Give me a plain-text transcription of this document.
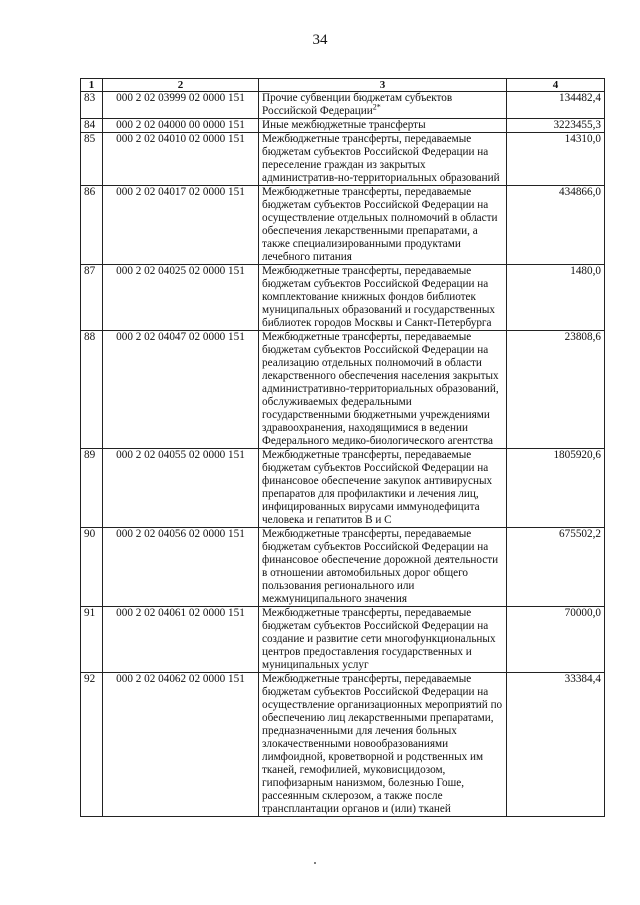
34
1	2	3	4
83	000 2 02 03999 02 0000 151	Прочие субвенции бюджетам субъектов Российской Федерации$^{2*}$	134482,4
84	000 2 02 04000 00 0000 151	Иные межбюджетные трансферты	3223455,3
85	000 2 02 04010 02 0000 151	Межбюджетные трансферты, передаваемые бюджетам субъектов Российской Федерации на переселение граждан из закрытых административ-но-территориальных образований	14310,0
86	000 2 02 04017 02 0000 151	Межбюджетные трансферты, передаваемые бюджетам субъектов Российской Федерации на осуществление отдельных полномочий в области обеспечения лекарственными препаратами, а также специализированными продуктами лечебного питания	434866,0
87	000 2 02 04025 02 0000 151	Межбюджетные трансферты, передаваемые бюджетам субъектов Российской Федерации на комплектование книжных фондов библиотек муниципальных образований и государственных библиотек городов Москвы и Санкт-Петербурга	1480,0
88	000 2 02 04047 02 0000 151	Межбюджетные трансферты, передаваемые бюджетам субъектов Российской Федерации на реализацию отдельных полномочий в области лекарственного обеспечения населения закрытых административно-территориальных образований, обслуживаемых федеральными государственными бюджетными учреждениями здравоохранения, находящимися в ведении Федерального медико-биологического агентства	23808,6
89	000 2 02 04055 02 0000 151	Межбюджетные трансферты, передаваемые бюджетам субъектов Российской Федерации на финансовое обеспечение закупок антивирусных препаратов для профилактики и лечения лиц, инфицированных вирусами иммунодефицита человека и гепатитов В и С	1805920,6
90	000 2 02 04056 02 0000 151	Межбюджетные трансферты, передаваемые бюджетам субъектов Российской Федерации на финансовое обеспечение дорожной деятельности в отношении автомобильных дорог общего пользования регионального или межмуниципального значения	675502,2
91	000 2 02 04061 02 0000 151	Межбюджетные трансферты, передаваемые бюджетам субъектов Российской Федерации на создание и развитие сети многофункциональных центров предоставления государственных и муниципальных услуг	70000,0
92	000 2 02 04062 02 0000 151	Межбюджетные трансферты, передаваемые бюджетам субъектов Российской Федерации на осуществление организационных мероприятий по обеспечению лиц лекарственными препаратами, предназначенными для лечения больных злокачественными новообразованиями лимфоидной, кроветворной и родственных им тканей, гемофилией, муковисцидозом, гипофизарным нанизмом, болезнью Гоше, рассеянным склерозом, а также после трансплантации органов и (или) тканей	33384,4
